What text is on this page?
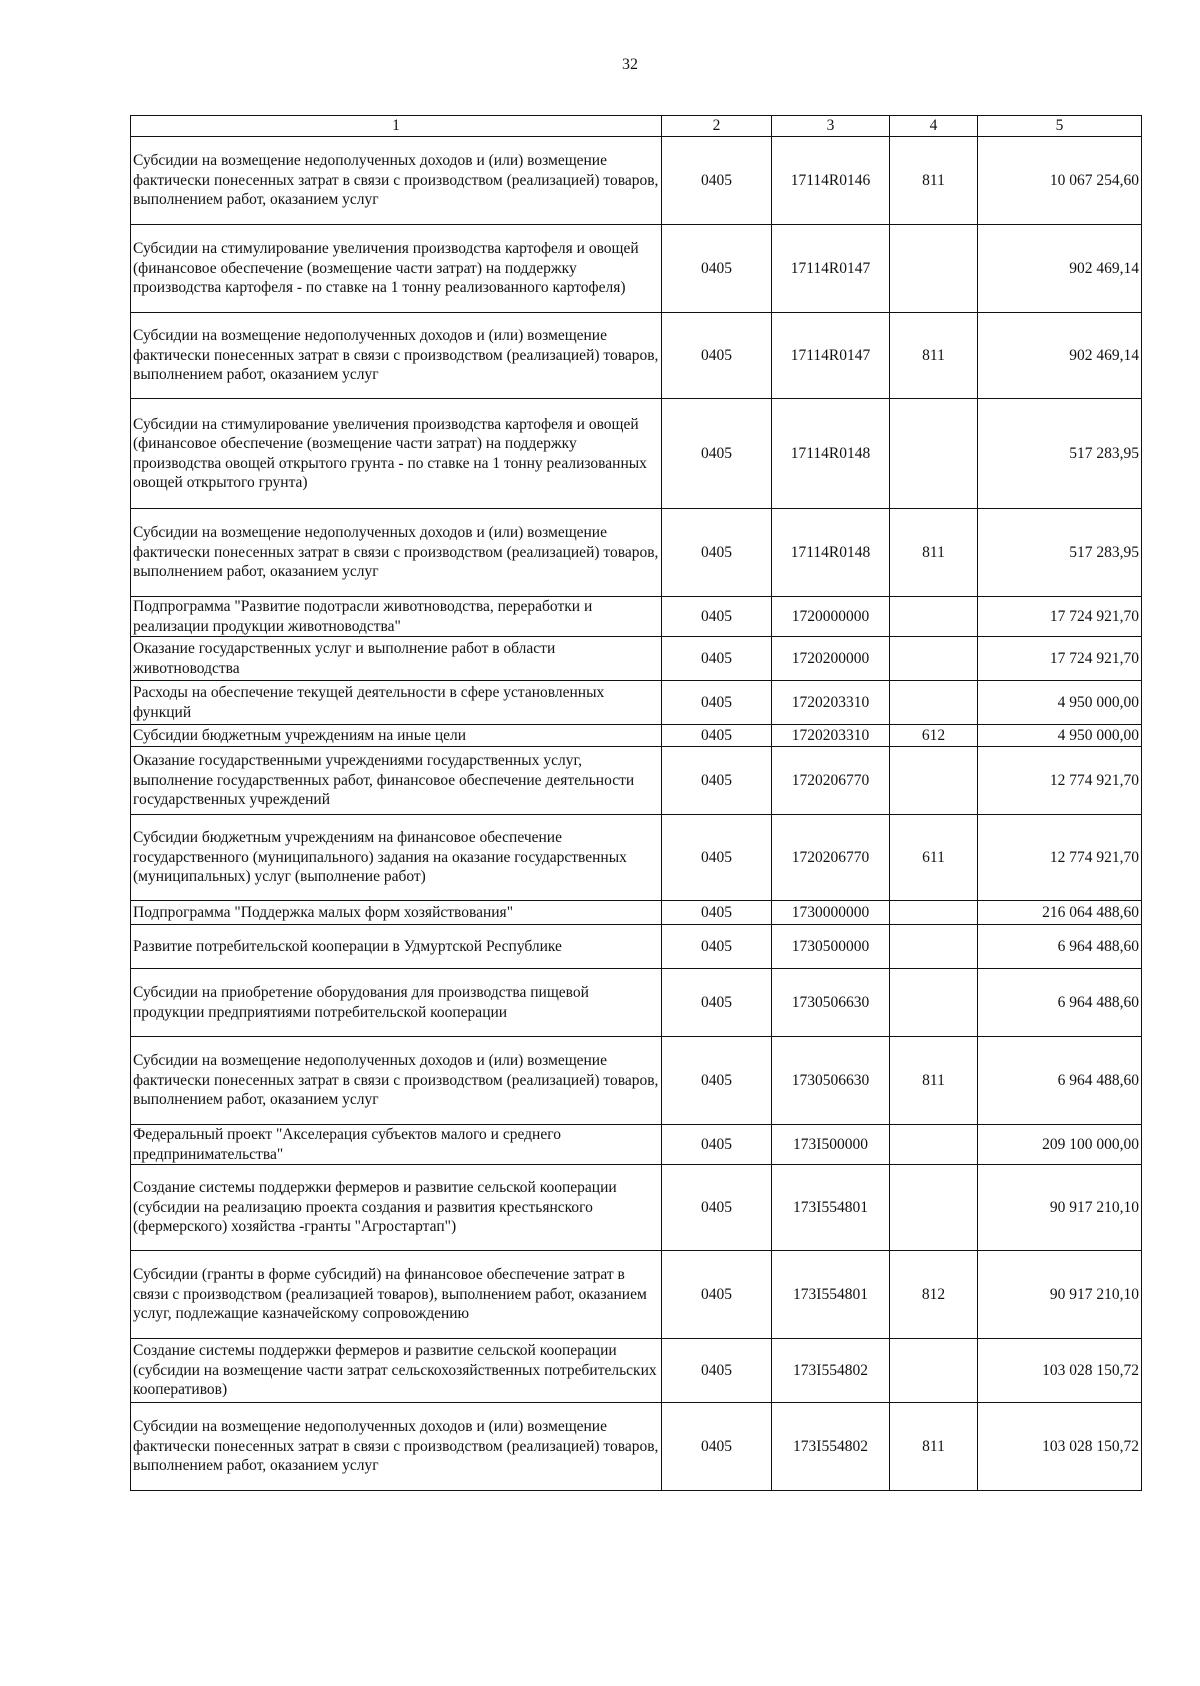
32
1	2	3	4	5
Субсидии на возмещение недополученных доходов и (или) возмещение фактически понесенных затрат в связи с производством (реализацией) товаров, выполнением работ, оказанием услуг	0405	17114R0146	811	10 067 254,60
Субсидии на стимулирование увеличения производства картофеля и овощей (финансовое обеспечение (возмещение части затрат) на поддержку производства картофеля - по ставке на 1 тонну реализованного картофеля)	0405	17114R0147		902 469,14
Субсидии на возмещение недополученных доходов и (или) возмещение фактически понесенных затрат в связи с производством (реализацией) товаров, выполнением работ, оказанием услуг	0405	17114R0147	811	902 469,14
Субсидии на стимулирование увеличения производства картофеля и овощей (финансовое обеспечение (возмещение части затрат) на поддержку производства овощей открытого грунта - по ставке на 1 тонну реализованных овощей открытого грунта)	0405	17114R0148		517 283,95
Субсидии на возмещение недополученных доходов и (или) возмещение фактически понесенных затрат в связи с производством (реализацией) товаров, выполнением работ, оказанием услуг	0405	17114R0148	811	517 283,95
Подпрограмма "Развитие подотрасли животноводства, переработки и реализации продукции животноводства"	0405	1720000000		17 724 921,70
Оказание государственных услуг и выполнение работ в области животноводства	0405	1720200000		17 724 921,70
Расходы на обеспечение текущей деятельности в сфере установленных функций	0405	1720203310		4 950 000,00
Субсидии бюджетным учреждениям на иные цели	0405	1720203310	612	4 950 000,00
Оказание государственными учреждениями государственных услуг, выполнение государственных работ, финансовое обеспечение деятельности государственных учреждений	0405	1720206770		12 774 921,70
Субсидии бюджетным учреждениям на финансовое обеспечение государственного (муниципального) задания на оказание государственных (муниципальных) услуг (выполнение работ)	0405	1720206770	611	12 774 921,70
Подпрограмма "Поддержка малых форм хозяйствования"	0405	1730000000		216 064 488,60
Развитие потребительской кооперации в Удмуртской Республике	0405	1730500000		6 964 488,60
Субсидии на приобретение оборудования для производства пищевой продукции предприятиями потребительской кооперации	0405	1730506630		6 964 488,60
Субсидии на возмещение недополученных доходов и (или) возмещение фактически понесенных затрат в связи с производством (реализацией) товаров, выполнением работ, оказанием услуг	0405	1730506630	811	6 964 488,60
Федеральный проект "Акселерация субъектов малого и среднего предпринимательства"	0405	173I500000		209 100 000,00
Создание системы поддержки фермеров и развитие сельской кооперации (субсидии на реализацию проекта создания и развития крестьянского (фермерского) хозяйства -гранты "Агростартап")	0405	173I554801		90 917 210,10
Субсидии (гранты в форме субсидий) на финансовое обеспечение затрат в связи с производством (реализацией товаров), выполнением работ, оказанием услуг, подлежащие казначейскому сопровождению	0405	173I554801	812	90 917 210,10
Создание системы поддержки фермеров и развитие сельской кооперации (субсидии на возмещение части затрат сельскохозяйственных потребительских кооперативов)	0405	173I554802		103 028 150,72
Субсидии на возмещение недополученных доходов и (или) возмещение фактически понесенных затрат в связи с производством (реализацией) товаров, выполнением работ, оказанием услуг	0405	173I554802	811	103 028 150,72
